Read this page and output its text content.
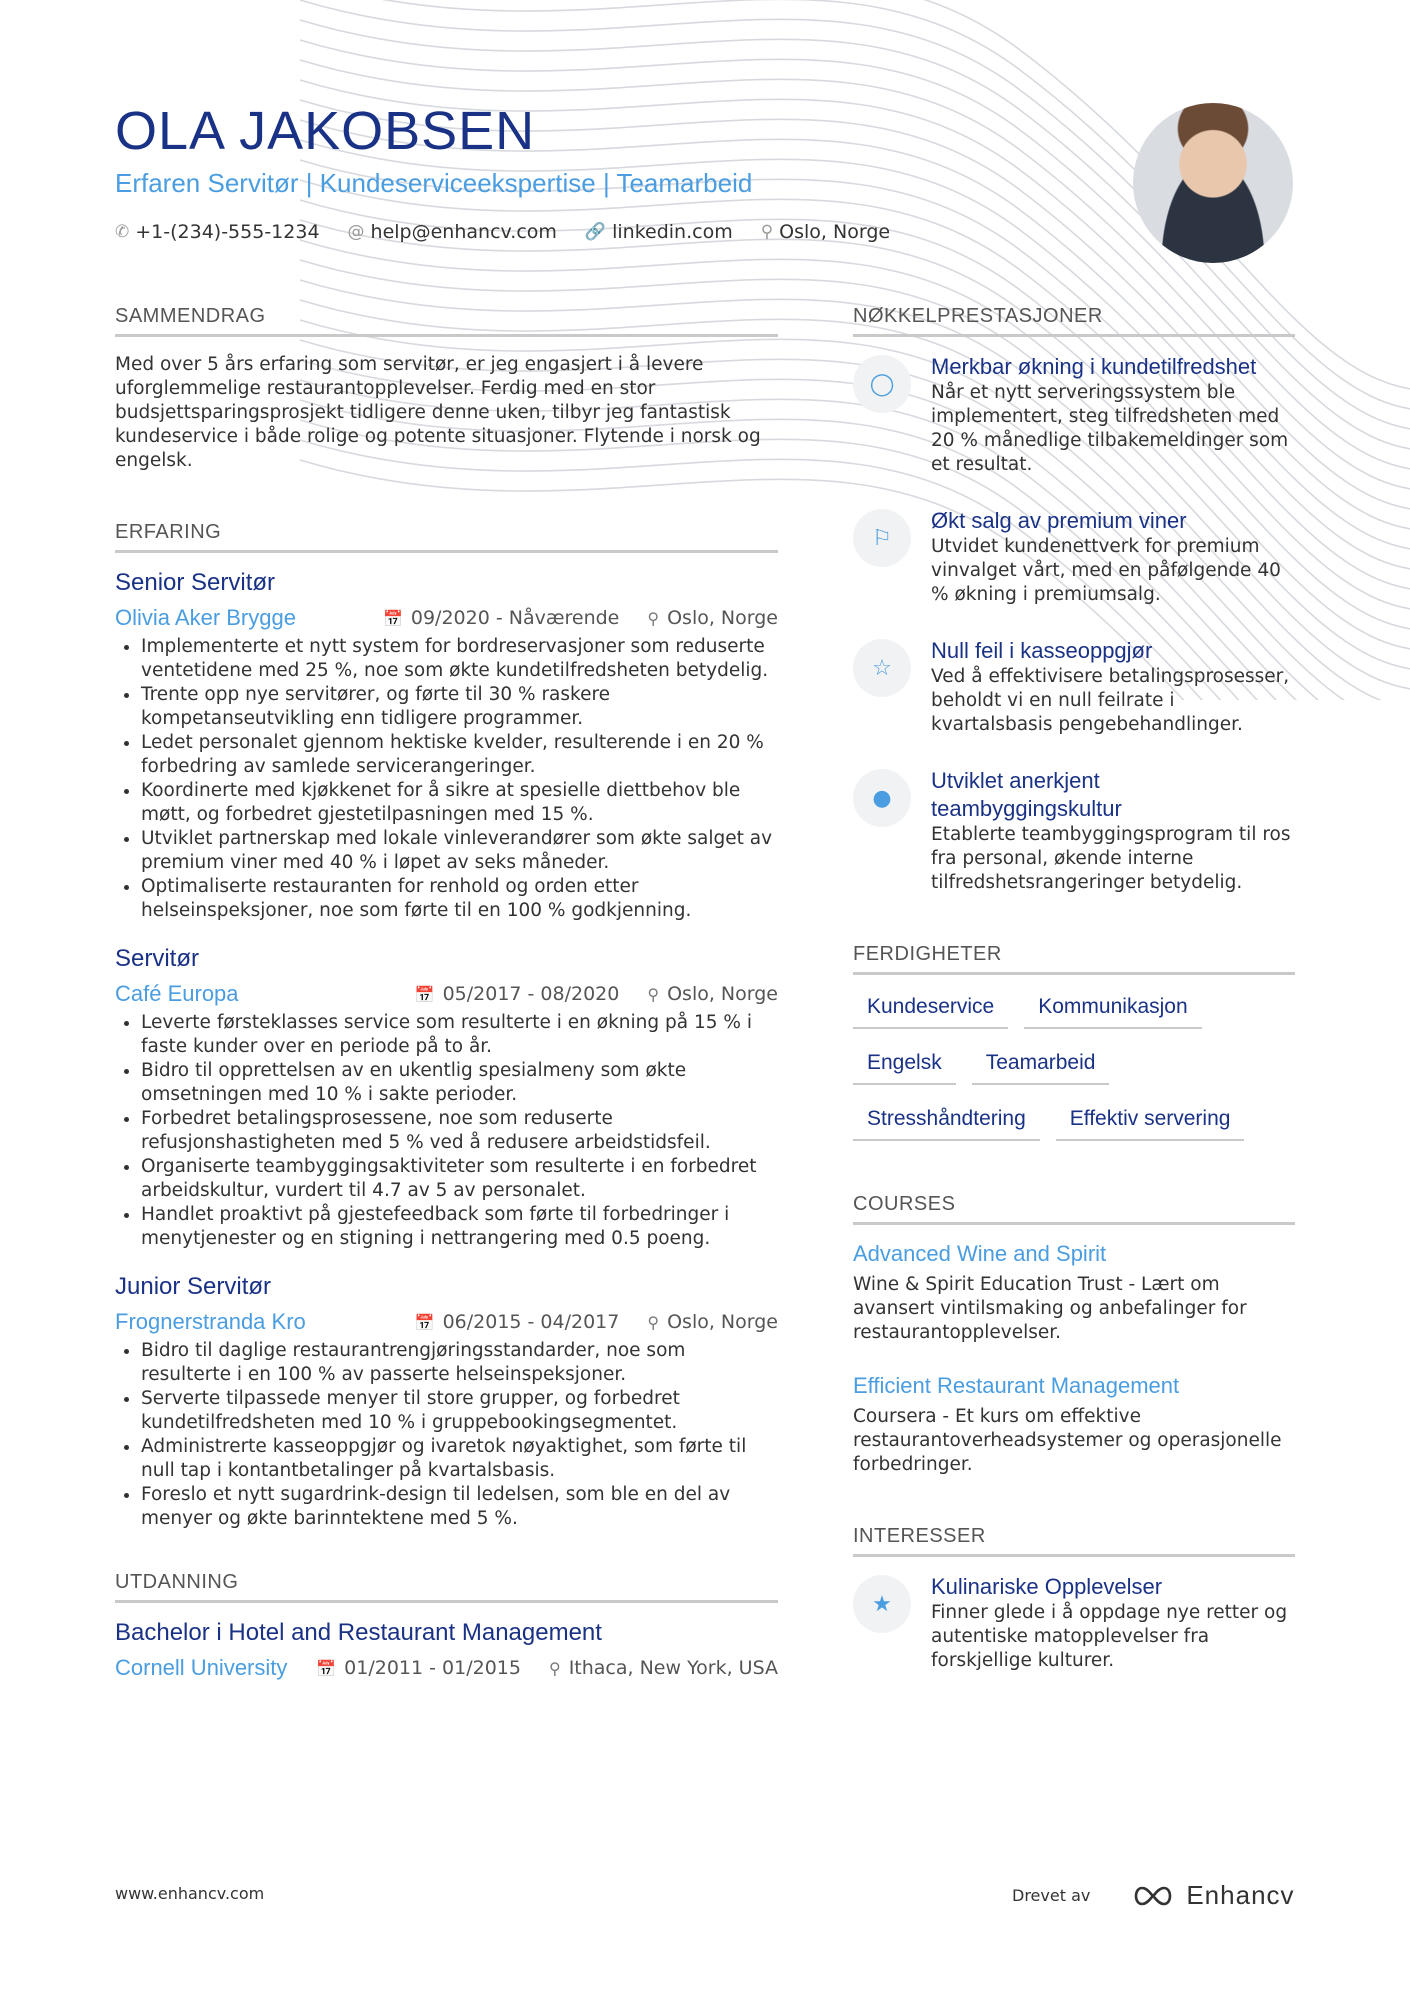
OLA JAKOBSEN
Erfaren Servitør | Kundeserviceekspertise | Teamarbeid
✆ +1-(234)-555-1234 @ help@enhancv.com 🔗 linkedin.com ⚲ Oslo, Norge
SAMMENDRAG
Med over 5 års erfaring som servitør, er jeg engasjert i å levere uforglemmelige restaurantopplevelser. Ferdig med en stor budsjettsparingsprosjekt tidligere denne uken, tilbyr jeg fantastisk kundeservice i både rolige og potente situasjoner. Flytende i norsk og engelsk.
ERFARING
Senior Servitør
Olivia Aker Brygge	📅 09/2020 - Nåværende ⚲ Oslo, Norge
• Implementerte et nytt system for bordreservasjoner som reduserte ventetidene med 25 %, noe som økte kundetilfredsheten betydelig.
• Trente opp nye servitører, og førte til 30 % raskere kompetanseutvikling enn tidligere programmer.
• Ledet personalet gjennom hektiske kvelder, resulterende i en 20 % forbedring av samlede servicerangeringer.
• Koordinerte med kjøkkenet for å sikre at spesielle diettbehov ble møtt, og forbedret gjestetilpasningen med 15 %.
• Utviklet partnerskap med lokale vinleverandører som økte salget av premium viner med 40 % i løpet av seks måneder.
• Optimaliserte restauranten for renhold og orden etter helseinspeksjoner, noe som førte til en 100 % godkjenning.
Servitør
Café Europa	📅 05/2017 - 08/2020 ⚲ Oslo, Norge
• Leverte førsteklasses service som resulterte i en økning på 15 % i faste kunder over en periode på to år.
• Bidro til opprettelsen av en ukentlig spesialmeny som økte omsetningen med 10 % i sakte perioder.
• Forbedret betalingsprosessene, noe som reduserte refusjonshastigheten med 5 % ved å redusere arbeidstidsfeil.
• Organiserte teambyggingsaktiviteter som resulterte i en forbedret arbeidskultur, vurdert til 4.7 av 5 av personalet.
• Handlet proaktivt på gjestefeedback som førte til forbedringer i menytjenester og en stigning i nettrangering med 0.5 poeng.
Junior Servitør
Frognerstranda Kro	📅 06/2015 - 04/2017 ⚲ Oslo, Norge
• Bidro til daglige restaurantrengjøringsstandarder, noe som resulterte i en 100 % av passerte helseinspeksjoner.
• Serverte tilpassede menyer til store grupper, og forbedret kundetilfredsheten med 10 % i gruppebookingsegmentet.
• Administrerte kasseoppgjør og ivaretok nøyaktighet, som førte til null tap i kontantbetalinger på kvartalsbasis.
• Foreslo et nytt sugardrink-design til ledelsen, som ble en del av menyer og økte barinntektene med 5 %.
UTDANNING
Bachelor i Hotel and Restaurant Management
Cornell University 📅 01/2011 - 01/2015 ⚲ Ithaca, New York, USA
NØKKELPRESTASJONER
◯
Merkbar økning i kundetilfredshet
Når et nytt serveringssystem ble implementert, steg tilfredsheten med 20 % månedlige tilbakemeldinger som et resultat.
⚐
Økt salg av premium viner
Utvidet kundenettverk for premium vinvalget vårt, med en påfølgende 40 % økning i premiumsalg.
☆
Null feil i kasseoppgjør
Ved å effektivisere betalingsprosesser, beholdt vi en null feilrate i kvartalsbasis pengebehandlinger.
●
Utviklet anerkjent teambyggingskultur
Etablerte teambyggingsprogram til ros fra personal, økende interne tilfredshetsrangeringer betydelig.
FERDIGHETER
Kundeservice	Kommunikasjon
Engelsk	Teamarbeid
Stresshåndtering	Effektiv servering
COURSES
Advanced Wine and Spirit
Wine & Spirit Education Trust - Lært om avansert vintilsmaking og anbefalinger for restaurantopplevelser.
Efficient Restaurant Management
Coursera - Et kurs om effektive restaurantoverheadsystemer og operasjonelle forbedringer.
INTERESSER
★
Kulinariske Opplevelser
Finner glede i å oppdage nye retter og autentiske matopplevelser fra forskjellige kulturer.
www.enhancv.com	Drevet av	Enhancv
